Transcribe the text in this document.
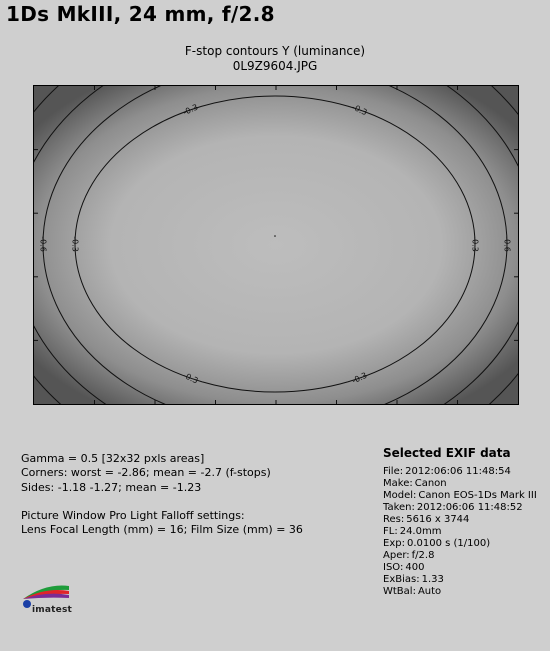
1Ds MkIII, 24 mm, f/2.8
F-stop contours Y (luminance)
0L9Z9604.JPG
-0.3	-0.3
-0.3	-0.3
-0.3	-0.3
-0.6	-0.6
Gamma = 0.5 [32x32 pxls areas]
Corners: worst = -2.86; mean = -2.7 (f-stops)
Sides: -1.18 -1.27; mean = -1.23
Picture Window Pro Light Falloff settings:
Lens Focal Length (mm) = 16; Film Size (mm) = 36
Selected EXIF data
imatest
File: 2012:06:06 11:48:54
Make: Canon
Model: Canon EOS-1Ds Mark III
Taken: 2012:06:06 11:48:52
Res: 5616 x 3744
FL: 24.0mm
Exp: 0.0100 s (1/100)
Aper: f/2.8
ISO: 400
ExBias: 1.33
WtBal: Auto
